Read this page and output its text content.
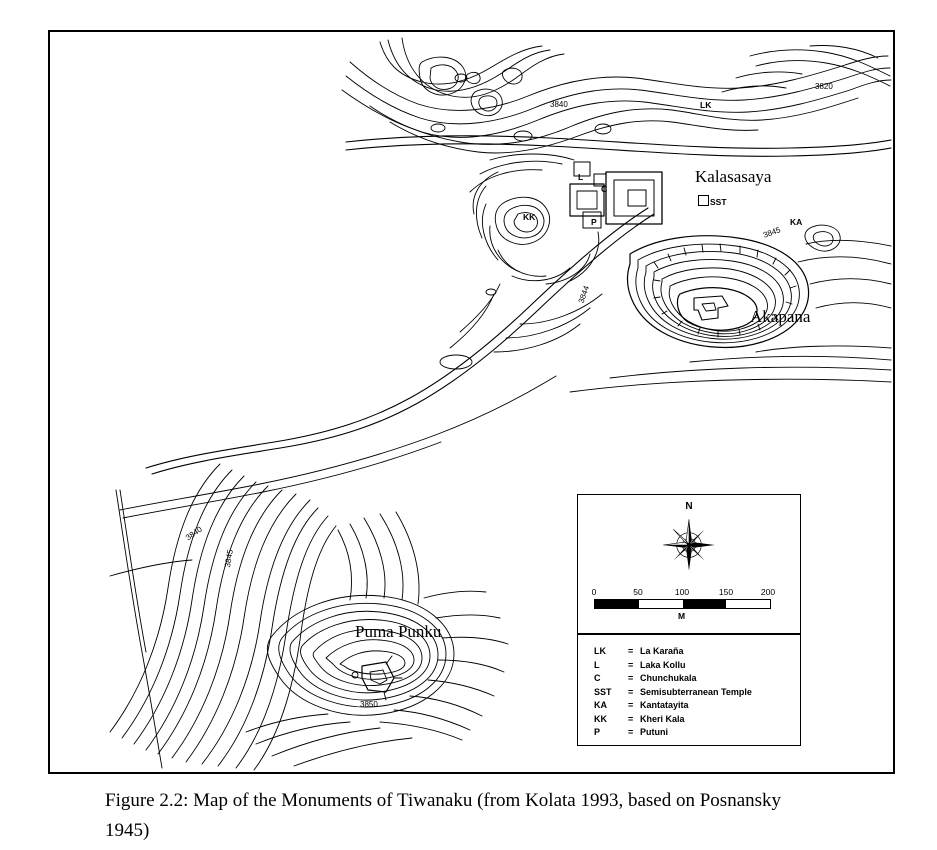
Kalasasaya
Akapana
Puma Punku
LK
KK
L
C
P
SST
KA
3820
3840
3845
3844
3840
3845
3850
N
0	50	100	150	200
M
LK	= La Karaña
L	= Laka Kollu
C	= Chunchukala
SST	= Semisubterranean Temple
KA	= Kantatayita
KK	= Kheri Kala
P	= Putuni
Figure 2.2: Map of the Monuments of Tiwanaku (from Kolata 1993, based on Posnansky 1945)
